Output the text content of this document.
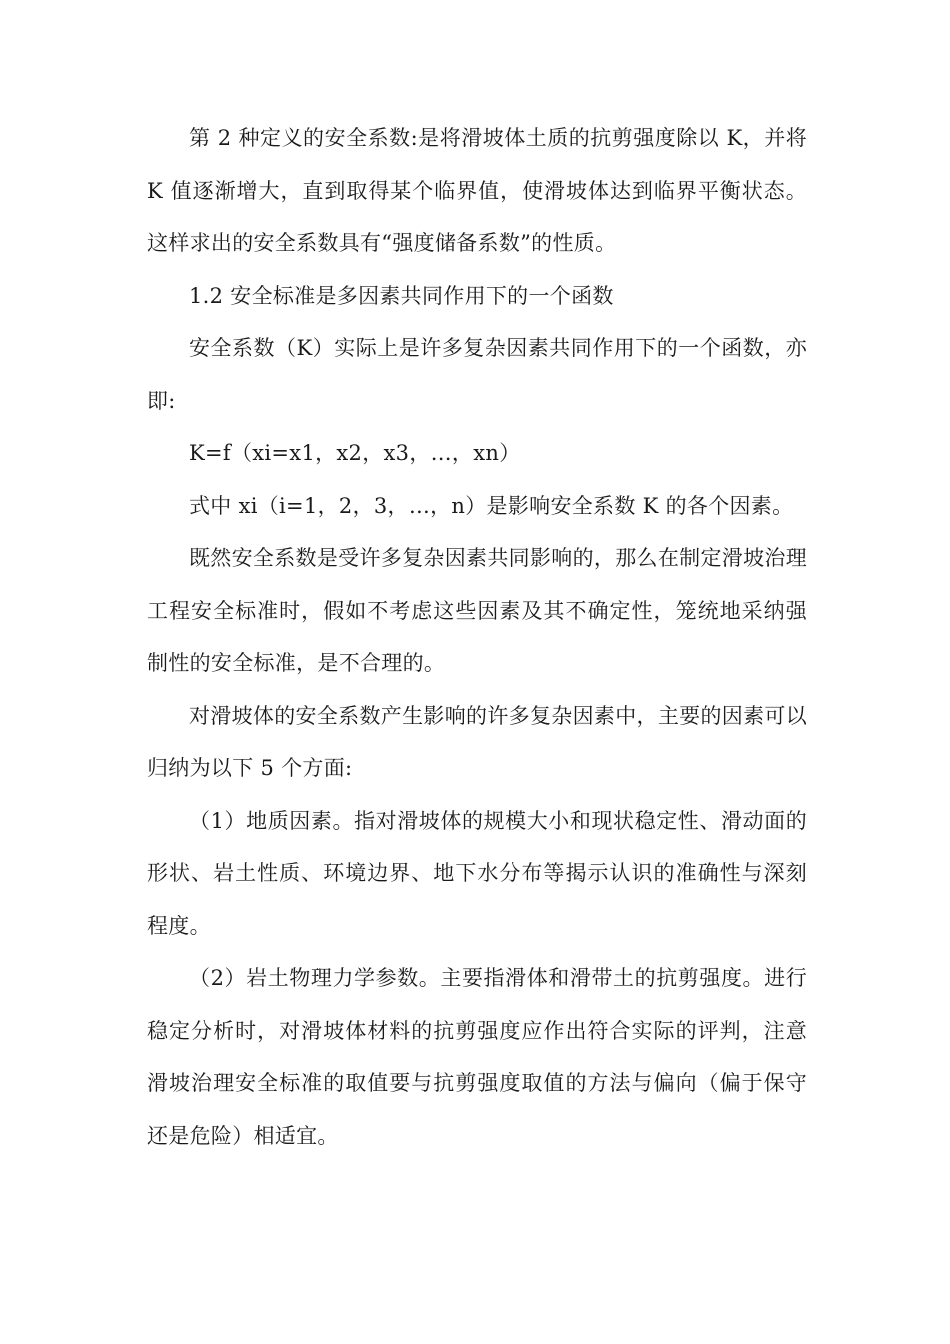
第 2 种定义的安全系数:是将滑坡体土质的抗剪强度除以 K，并将 K 值逐渐增大，直到取得某个临界值，使滑坡体达到临界平衡状态。这样求出的安全系数具有“强度储备系数”的性质。

1.2 安全标准是多因素共同作用下的一个函数

安全系数（K）实际上是许多复杂因素共同作用下的一个函数，亦即:

K=f（xi=x1，x2，x3，…，xn）

式中 xi（i=1，2，3，…，n）是影响安全系数 K 的各个因素。

既然安全系数是受许多复杂因素共同影响的，那么在制定滑坡治理工程安全标准时，假如不考虑这些因素及其不确定性，笼统地采纳强制性的安全标准，是不合理的。

对滑坡体的安全系数产生影响的许多复杂因素中，主要的因素可以归纳为以下 5 个方面:

（1）地质因素。指对滑坡体的规模大小和现状稳定性、滑动面的形状、岩土性质、环境边界、地下水分布等揭示认识的准确性与深刻程度。

（2）岩土物理力学参数。主要指滑体和滑带土的抗剪强度。进行稳定分析时，对滑坡体材料的抗剪强度应作出符合实际的评判，注意滑坡治理安全标准的取值要与抗剪强度取值的方法与偏向（偏于保守还是危险）相适宜。
